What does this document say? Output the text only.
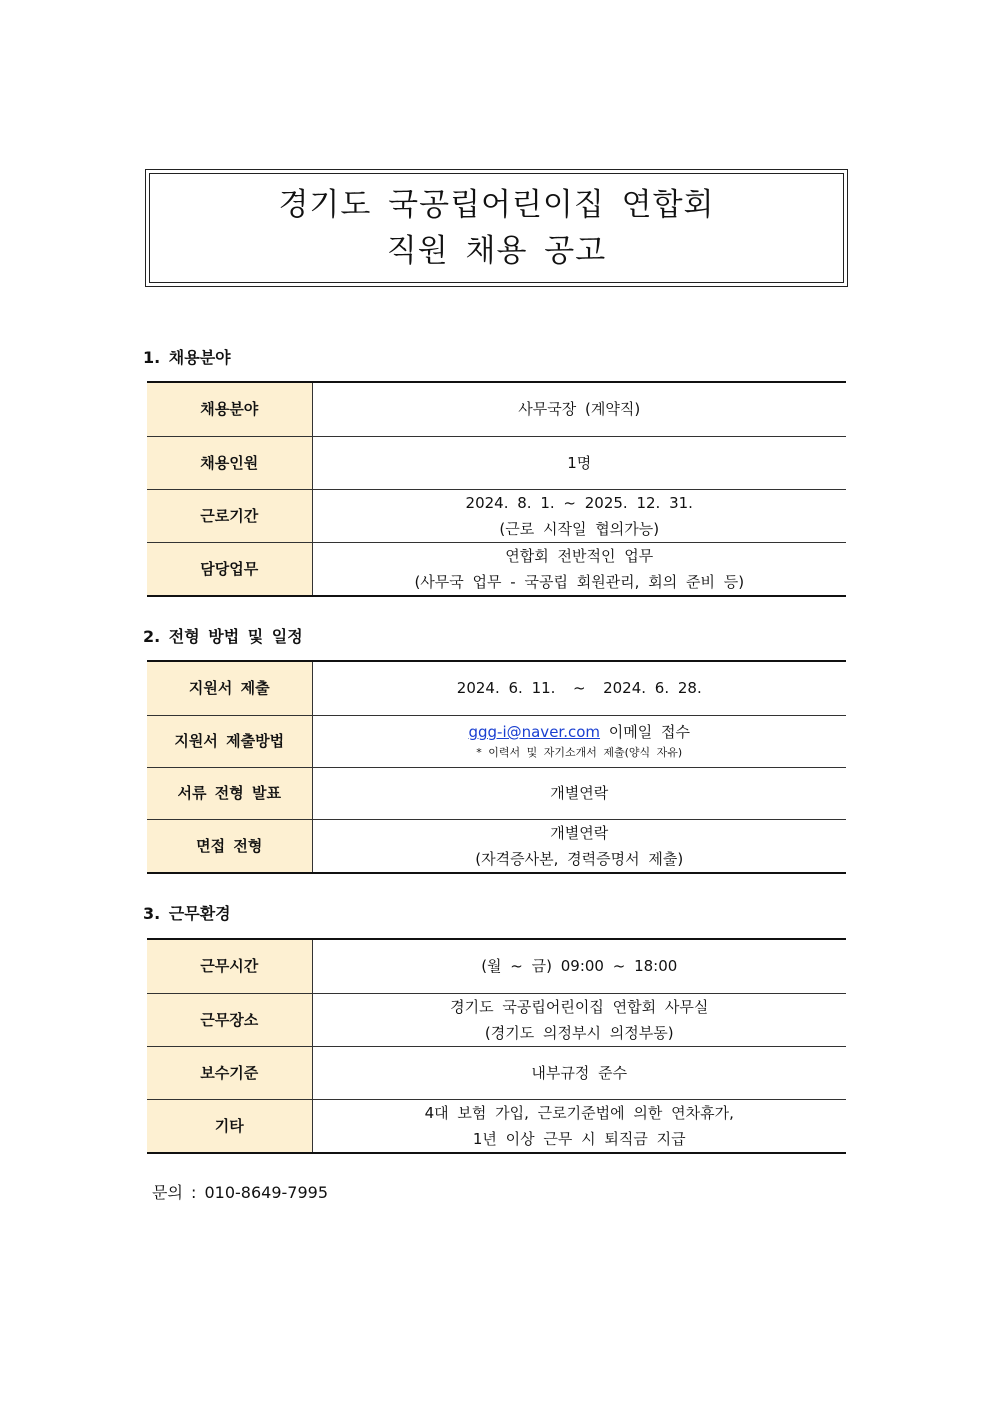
경기도 국공립어린이집 연합회
직원 채용 공고
1. 채용분야
채용분야	사무국장 (계약직)

채용인원	1명

근로기간	2024. 8. 1. ~ 2025. 12. 31.
(근로 시작일 협의가능)

담당업무	연합회 전반적인 업무
(사무국 업무 - 국공립 회원관리, 회의 준비 등)
2. 전형 방법 및 일정
지원서 제출	2024. 6. 11.  ~  2024. 6. 28.

지원서 제출방법	ggg-i@naver.com 이메일 접수
* 이력서 및 자기소개서 제출(양식 자유)

서류 전형 발표	개별연락

면접 전형	개별연락
(자격증사본, 경력증명서 제출)
3. 근무환경
근무시간	(월 ~ 금) 09:00 ~ 18:00

근무장소	경기도 국공립어린이집 연합회 사무실
(경기도 의정부시 의정부동)

보수기준	내부규정 준수

기타	4대 보험 가입, 근로기준법에 의한 연차휴가,
1년 이상 근무 시 퇴직금 지급
문의 : 010-8649-7995
